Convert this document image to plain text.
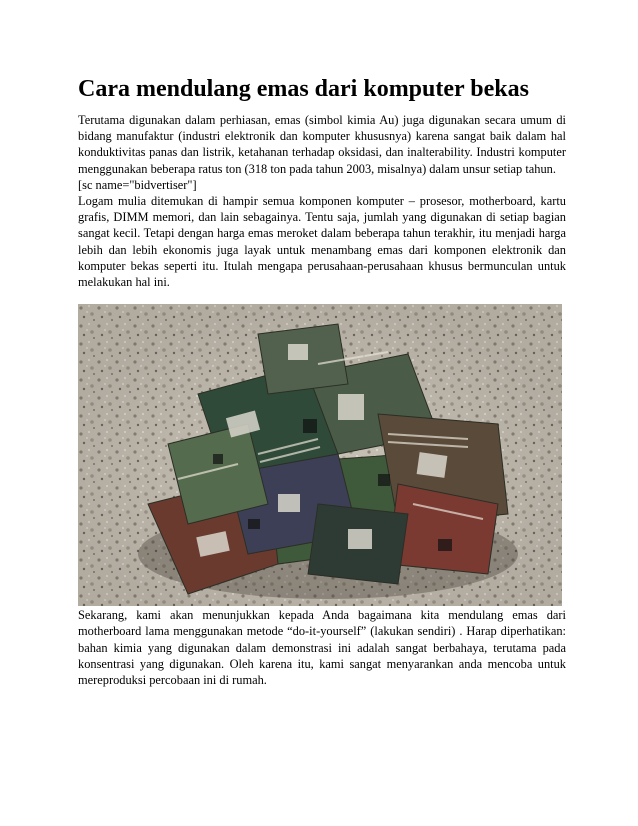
Cara mendulang emas dari komputer bekas

Terutama digunakan dalam perhiasan, emas (simbol kimia Au) juga digunakan secara umum di bidang manufaktur (industri elektronik dan komputer khususnya) karena sangat baik dalam hal konduktivitas panas dan listrik, ketahanan terhadap oksidasi, dan inalterability. Industri komputer menggunakan beberapa ratus ton (318 ton pada tahun 2003, misalnya) dalam unsur setiap tahun.

[sc name="bidvertiser"]

Logam mulia ditemukan di hampir semua komponen komputer – prosesor, motherboard, kartu grafis, DIMM memori, dan lain sebagainya. Tentu saja, jumlah yang digunakan di setiap bagian sangat kecil. Tetapi dengan harga emas meroket dalam beberapa tahun terakhir, itu menjadi harga lebih dan lebih ekonomis juga layak untuk menambang emas dari komponen elektronik dan komputer bekas seperti itu. Itulah mengapa perusahaan-perusahaan khusus bermunculan untuk melakukan hal ini.

Sekarang, kami akan menunjukkan kepada Anda bagaimana kita mendulang emas dari motherboard lama menggunakan metode “do-it-yourself” (lakukan sendiri) . Harap diperhatikan: bahan kimia yang digunakan dalam demonstrasi ini adalah sangat berbahaya, terutama pada konsentrasi yang digunakan. Oleh karena itu, kami sangat menyarankan anda mencoba untuk mereproduksi percobaan ini di rumah.
